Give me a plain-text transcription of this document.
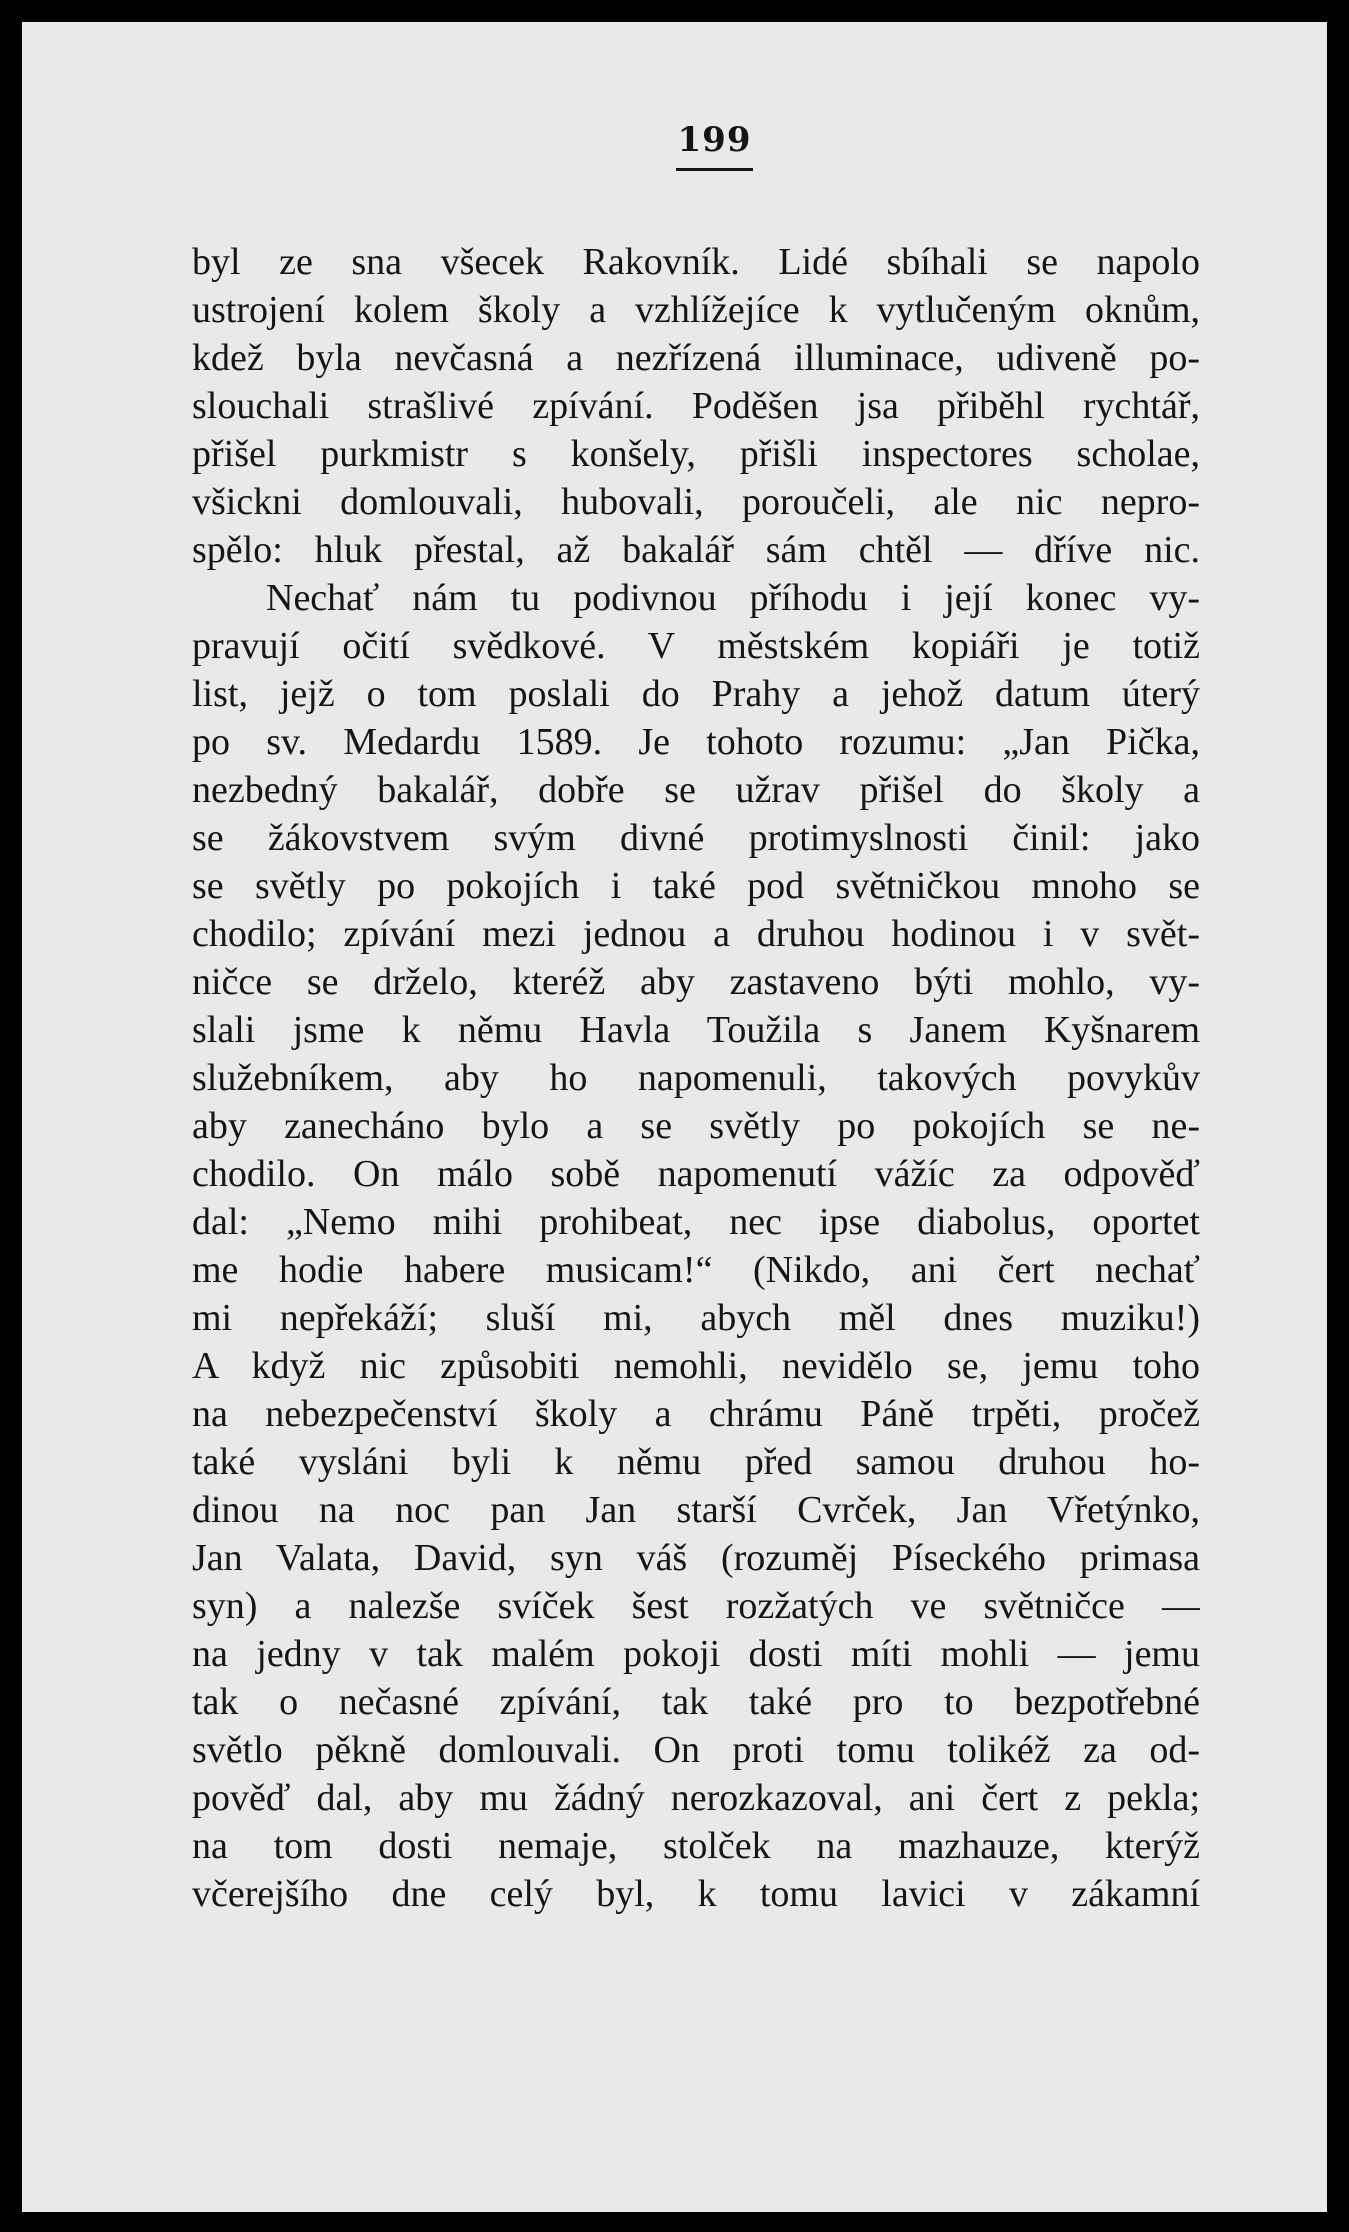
199
byl ze sna všecek Rakovník. Lidé sbíhali se napolo
ustrojení kolem školy a vzhlížejíce k vytlučeným oknům,
kdež byla nevčasná a nezřízená illuminace, udiveně po-
slouchali strašlivé zpívání. Poděšen jsa přiběhl rychtář,
přišel purkmistr s konšely, přišli inspectores scholae,
všickni domlouvali, hubovali, poroučeli, ale nic nepro-
spělo: hluk přestal, až bakalář sám chtěl — dříve nic.
Nechať nám tu podivnou příhodu i její konec vy-
pravují očití svědkové. V městském kopiáři je totiž
list, jejž o tom poslali do Prahy a jehož datum úterý
po sv. Medardu 1589. Je tohoto rozumu: „Jan Pička,
nezbedný bakalář, dobře se užrav přišel do školy a
se žákovstvem svým divné protimyslnosti činil: jako
se světly po pokojích i také pod světničkou mnoho se
chodilo; zpívání mezi jednou a druhou hodinou i v svět-
ničce se drželo, kteréž aby zastaveno býti mohlo, vy-
slali jsme k němu Havla Toužila s Janem Kyšnarem
služebníkem, aby ho napomenuli, takových povykův
aby zanecháno bylo a se světly po pokojích se ne-
chodilo. On málo sobě napomenutí vážíc za odpověď
dal: „Nemo mihi prohibeat, nec ipse diabolus, oportet
me hodie habere musicam!“ (Nikdo, ani čert nechať
mi nepřekáží; sluší mi, abych měl dnes muziku!)
A když nic způsobiti nemohli, nevidělo se, jemu toho
na nebezpečenství školy a chrámu Páně trpěti, pročež
také vysláni byli k němu před samou druhou ho-
dinou na noc pan Jan starší Cvrček, Jan Vřetýnko,
Jan Valata, David, syn váš (rozuměj Píseckého primasa
syn) a nalezše svíček šest rozžatých ve světničce —
na jedny v tak malém pokoji dosti míti mohli — jemu
tak o nečasné zpívání, tak také pro to bezpotřebné
světlo pěkně domlouvali. On proti tomu tolikéž za od-
pověď dal, aby mu žádný nerozkazoval, ani čert z pekla;
na tom dosti nemaje, stolček na mazhauze, kterýž
včerejšího dne celý byl, k tomu lavici v zákamní
